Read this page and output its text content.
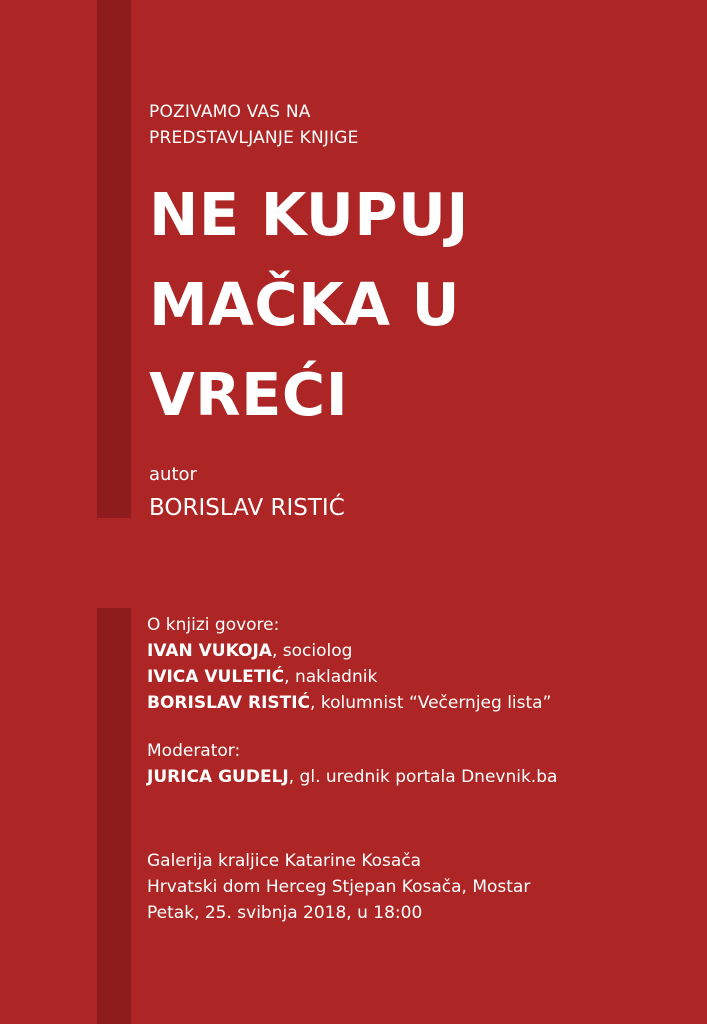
POZIVAMO VAS NA
PREDSTAVLJANJE KNJIGE
NE KUPUJ
MAČKA U
VREĆI
autor
BORISLAV RISTIĆ
O knjizi govore:
IVAN VUKOJA, sociolog
IVICA VULETIĆ, nakladnik
BORISLAV RISTIĆ, kolumnist “Večernjeg lista”
Moderator:
JURICA GUDELJ, gl. urednik portala Dnevnik.ba
Galerija kraljice Katarine Kosača
Hrvatski dom Herceg Stjepan Kosača, Mostar
Petak, 25. svibnja 2018, u 18:00
